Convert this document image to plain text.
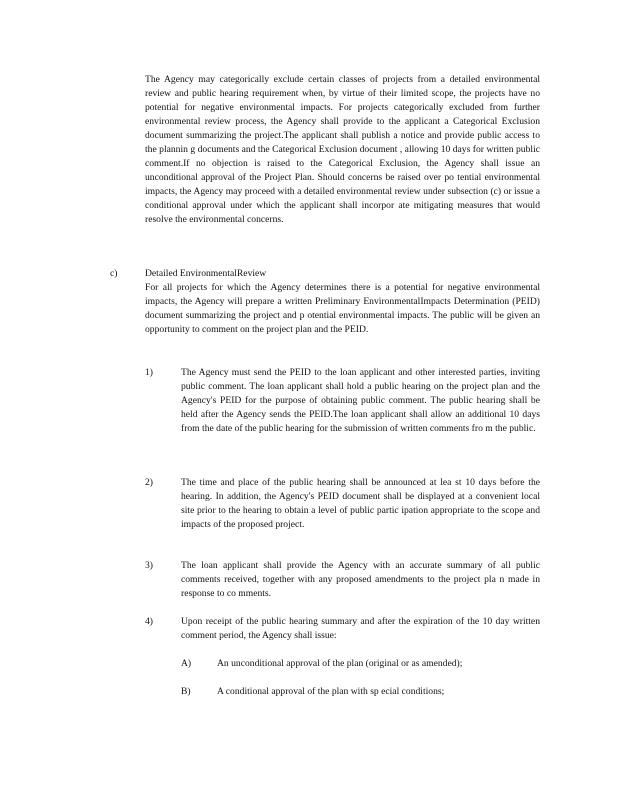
The Agency may categorically exclude certain classes of projects from a detailed environmental review and public hearing requirement when, by virtue of their limited scope, the projects have no potential for negative environmental impacts. For projects categorically excluded from further environmental review process, the Agency shall provide to the applicant a Categorical Exclusion document summarizing the project.The applicant shall publish a notice and provide public access to the plannin g documents and the Categorical Exclusion document , allowing 10 days for written public comment.If no objection is raised to the Categorical Exclusion, the Agency shall issue an unconditional approval of the Project Plan. Should concerns be raised over po tential environmental impacts, the Agency may proceed with a detailed environmental review under subsection (c) or issue a conditional approval under which the applicant shall incorpor ate mitigating measures that would resolve the environmental concerns.

c)	Detailed EnvironmentalReview

For all projects for which the Agency determines there is a potential for negative environmental impacts, the Agency will prepare a written Preliminary EnvironmentalImpacts Determination (PEID) document summarizing the project and p otential environmental impacts. The public will be given an opportunity to comment on the project plan and the PEID.

1)	The Agency must send the PEID to the loan applicant and other interested parties, inviting public comment. The loan applicant shall hold a public hearing on the project plan and the Agency's PEID for the purpose of obtaining public comment. The public hearing shall be held after the Agency sends the PEID.The loan applicant shall allow an additional 10 days from the date of the public hearing for the submission of written comments fro m the public.

2)	The time and place of the public hearing shall be announced at lea st 10 days before the hearing. In addition, the Agency's PEID document shall be displayed at a convenient local site prior to the hearing to obtain a level of public partic ipation appropriate to the scope and impacts of the proposed project.

3)	The loan applicant shall provide the Agency with an accurate summary of all public comments received, together with any proposed amendments to the project pla n made in response to co mments.

4)	Upon receipt of the public hearing summary and after the expiration of the 10 day written comment period, the Agency shall issue:

A)	An unconditional approval of the plan (original or as amended);
B)	A conditional approval of the plan with sp ecial conditions;
